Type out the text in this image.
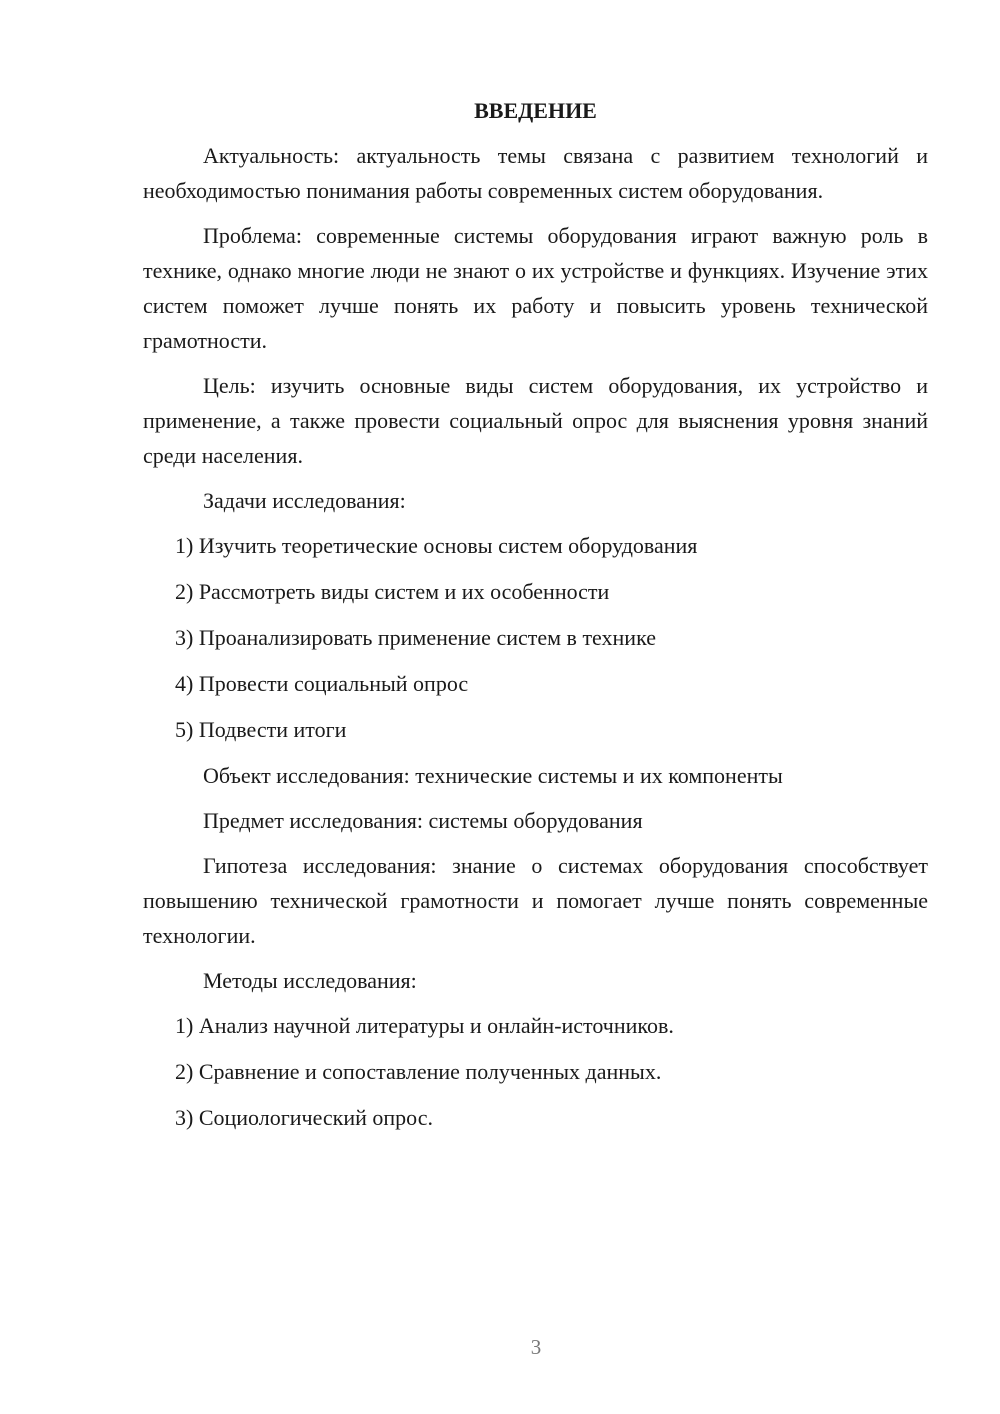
ВВЕДЕНИЕ

Актуальность: актуальность темы связана с развитием технологий и необходимостью понимания работы современных систем оборудования.

Проблема: современные системы оборудования играют важную роль в технике, однако многие люди не знают о их устройстве и функциях. Изучение этих систем поможет лучше понять их работу и повысить уровень технической грамотности.

Цель: изучить основные виды систем оборудования, их устройство и применение, а также провести социальный опрос для выяснения уровня знаний среди населения.

Задачи исследования:

1) Изучить теоретические основы систем оборудования
2) Рассмотреть виды систем и их особенности
3) Проанализировать применение систем в технике
4) Провести социальный опрос
5) Подвести итоги

Объект исследования: технические системы и их компоненты

Предмет исследования: системы оборудования

Гипотеза исследования: знание о системах оборудования способствует повышению технической грамотности и помогает лучше понять современные технологии.

Методы исследования:

1) Анализ научной литературы и онлайн-источников.
2) Сравнение и сопоставление полученных данных.
3) Социологический опрос.
3
